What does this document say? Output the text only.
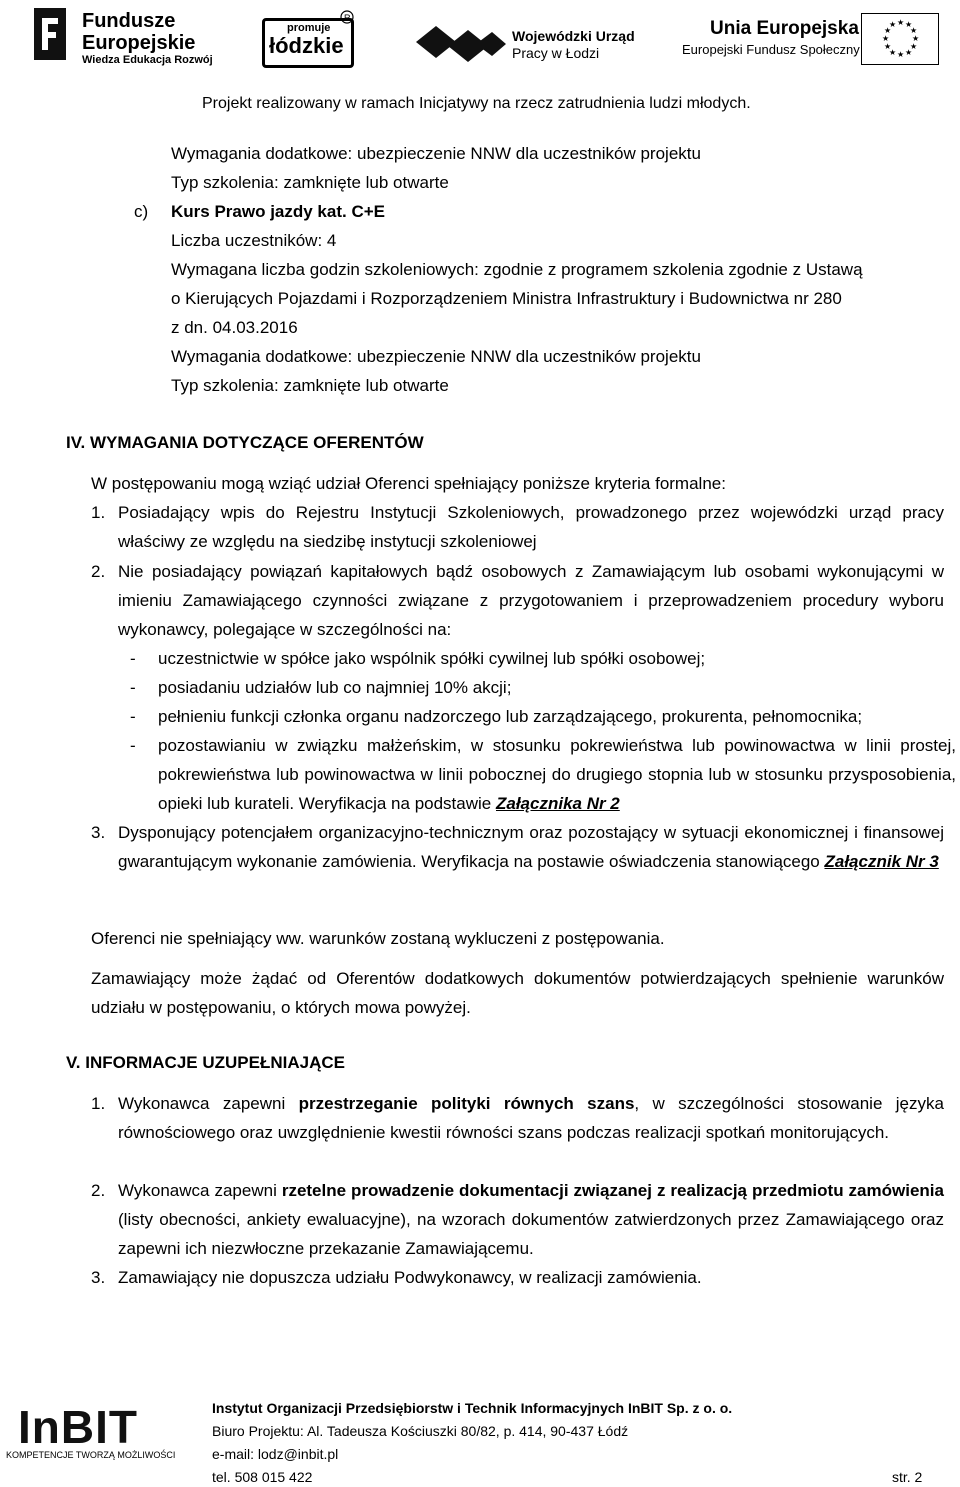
Fundusze
Europejskie
Wiedza Edukacja Rozwój
promuje
łódzkie
R
Wojewódzki Urząd
Pracy w Łodzi
Unia Europejska
Europejski Fundusz Społeczny
★ ★
★
★
★
★
★
★
★
★
★
★
Projekt realizowany w ramach Inicjatywy na rzecz zatrudnienia ludzi młodych.
Wymagania dodatkowe: ubezpieczenie NNW dla uczestników projektu
Typ szkolenia: zamknięte lub otwarte
c) Kurs Prawo jazdy kat. C+E
Liczba uczestników: 4
Wymagana liczba godzin szkoleniowych: zgodnie z programem szkolenia zgodnie z Ustawą
o Kierujących Pojazdami i Rozporządzeniem Ministra Infrastruktury i Budownictwa nr 280
z dn. 04.03.2016
Wymagania dodatkowe: ubezpieczenie NNW dla uczestników projektu
Typ szkolenia: zamknięte lub otwarte
IV. WYMAGANIA DOTYCZĄCE OFERENTÓW
W postępowaniu mogą wziąć udział Oferenci spełniający poniższe kryteria formalne:
1. Posiadający wpis do Rejestru Instytucji Szkoleniowych, prowadzonego przez wojewódzki urząd pracy właściwy ze względu na siedzibę instytucji szkoleniowej
2. Nie posiadający powiązań kapitałowych bądź osobowych z Zamawiającym lub osobami wykonującymi w imieniu Zamawiającego czynności związane z przygotowaniem i przeprowadzeniem procedury wyboru wykonawcy, polegające w szczególności na:
- uczestnictwie w spółce jako wspólnik spółki cywilnej lub spółki osobowej;
- posiadaniu udziałów lub co najmniej 10% akcji;
- pełnieniu funkcji członka organu nadzorczego lub zarządzającego, prokurenta, pełnomocnika;
- pozostawianiu w związku małżeńskim, w stosunku pokrewieństwa lub powinowactwa w linii prostej, pokrewieństwa lub powinowactwa w linii pobocznej do drugiego stopnia lub w stosunku przysposobienia, opieki lub kurateli. Weryfikacja na podstawie Załącznika Nr 2
3. Dysponujący potencjałem organizacyjno-technicznym oraz pozostający w sytuacji ekonomicznej i finansowej gwarantującym wykonanie zamówienia. Weryfikacja na postawie oświadczenia stanowiącego Załącznik Nr 3
Oferenci nie spełniający ww. warunków zostaną wykluczeni z postępowania.
Zamawiający może żądać od Oferentów dodatkowych dokumentów potwierdzających spełnienie warunków udziału w postępowaniu, o których mowa powyżej.
V. INFORMACJE UZUPEŁNIAJĄCE
1. Wykonawca zapewni przestrzeganie polityki równych szans, w szczególności stosowanie języka równościowego oraz uwzględnienie kwestii równości szans podczas realizacji spotkań monitorujących.
2. Wykonawca zapewni rzetelne prowadzenie dokumentacji związanej z realizacją przedmiotu zamówienia (listy obecności, ankiety ewaluacyjne), na wzorach dokumentów zatwierdzonych przez Zamawiającego oraz zapewni ich niezwłoczne przekazanie Zamawiającemu.
3. Zamawiający nie dopuszcza udziału Podwykonawcy, w realizacji zamówienia.
InBIT
KOMPETENCJE TWORZĄ MOŻLIWOŚCI
Instytut Organizacji Przedsiębiorstw i Technik Informacyjnych InBIT Sp. z o. o.
Biuro Projektu: Al. Tadeusza Kościuszki 80/82, p. 414, 90-437 Łódź
e-mail: lodz@inbit.pl
tel. 508 015 422	str. 2
